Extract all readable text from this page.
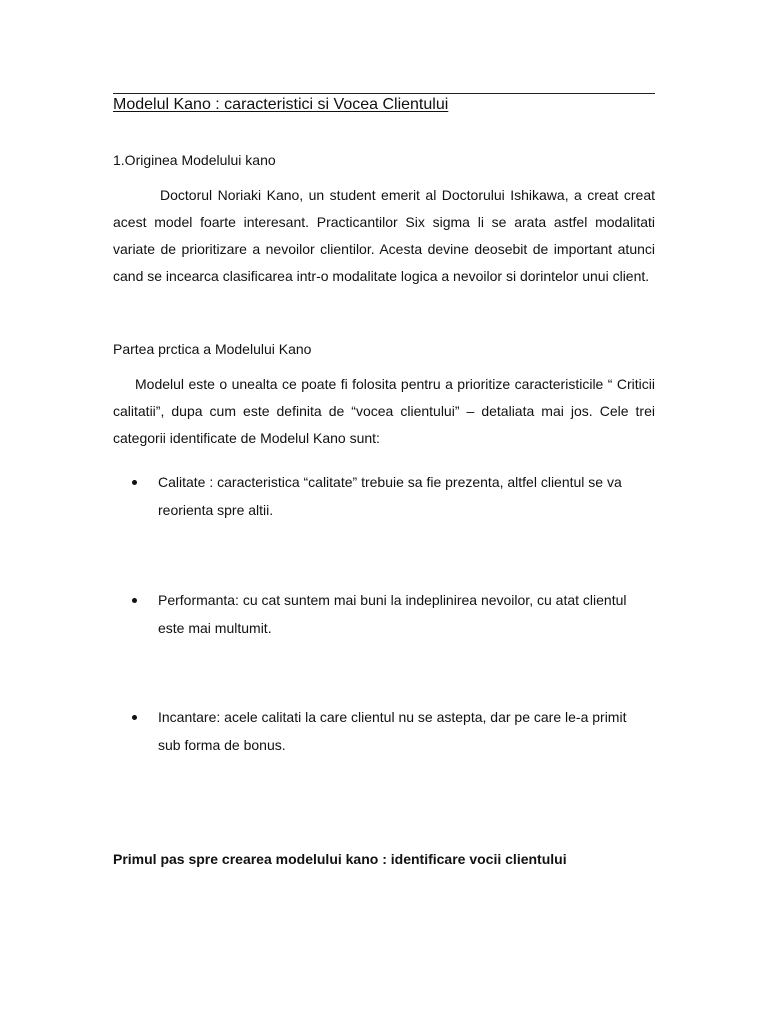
Modelul Kano : caracteristici si Vocea Clientului
1.Originea Modelului kano

Doctorul Noriaki Kano, un student emerit al Doctorului Ishikawa, a creat creat acest model foarte interesant. Practicantilor Six sigma li se arata astfel modalitati variate de prioritizare a nevoilor clientilor. Acesta devine deosebit de important atunci cand se incearca clasificarea intr-o modalitate logica a nevoilor si dorintelor unui client.

Partea prctica a Modelului Kano

Modelul este o unealta ce poate fi folosita pentru a prioritize caracteristicile “ Criticii calitatii”, dupa cum este definita de “vocea clientului” – detaliata mai jos. Cele trei categorii identificate de Modelul Kano sunt:

Calitate : caracteristica “calitate” trebuie sa fie prezenta, altfel clientul se va reorienta spre altii.
Performanta: cu cat suntem mai buni la indeplinirea nevoilor, cu atat clientul este mai multumit.
Incantare: acele calitati la care clientul nu se astepta, dar pe care le-a primit sub forma de bonus.
Primul pas spre crearea modelului kano : identificare vocii clientului
